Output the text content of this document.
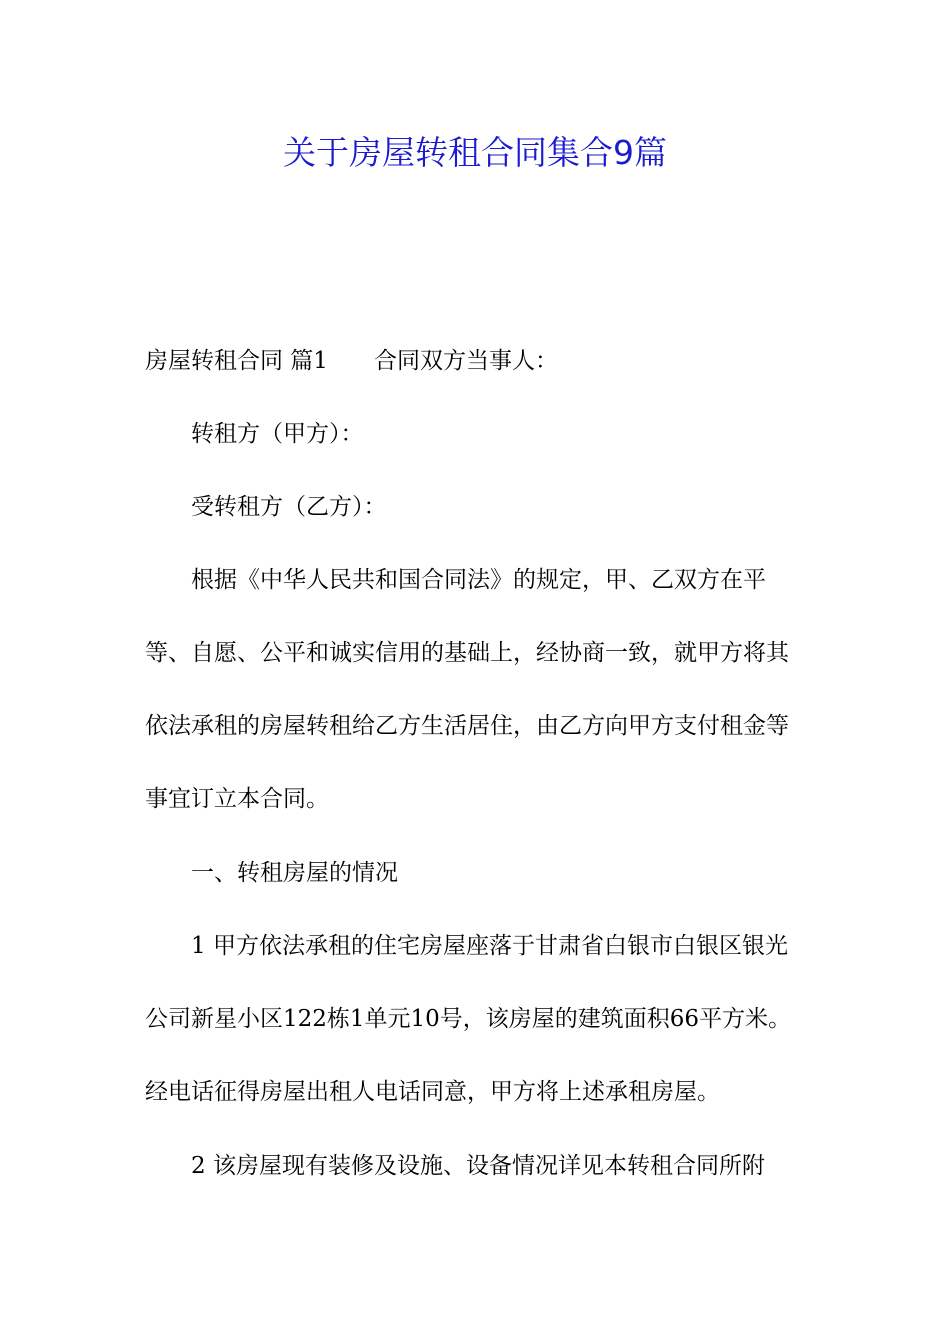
关于房屋转租合同集合9篇

房屋转租合同 篇1 合同双方当事人：

转租方（甲方）：

受转租方（乙方）：

根据《中华人民共和国合同法》的规定，甲、乙双方在平等、自愿、公平和诚实信用的基础上，经协商一致，就甲方将其依法承租的房屋转租给乙方生活居住，由乙方向甲方支付租金等事宜订立本合同。

一、转租房屋的情况

1 甲方依法承租的住宅房屋座落于甘肃省白银市白银区银光公司新星小区122栋1单元10号，该房屋的建筑面积66平方米。经电话征得房屋出租人电话同意，甲方将上述承租房屋。

2 该房屋现有装修及设施、设备情况详见本转租合同所附
